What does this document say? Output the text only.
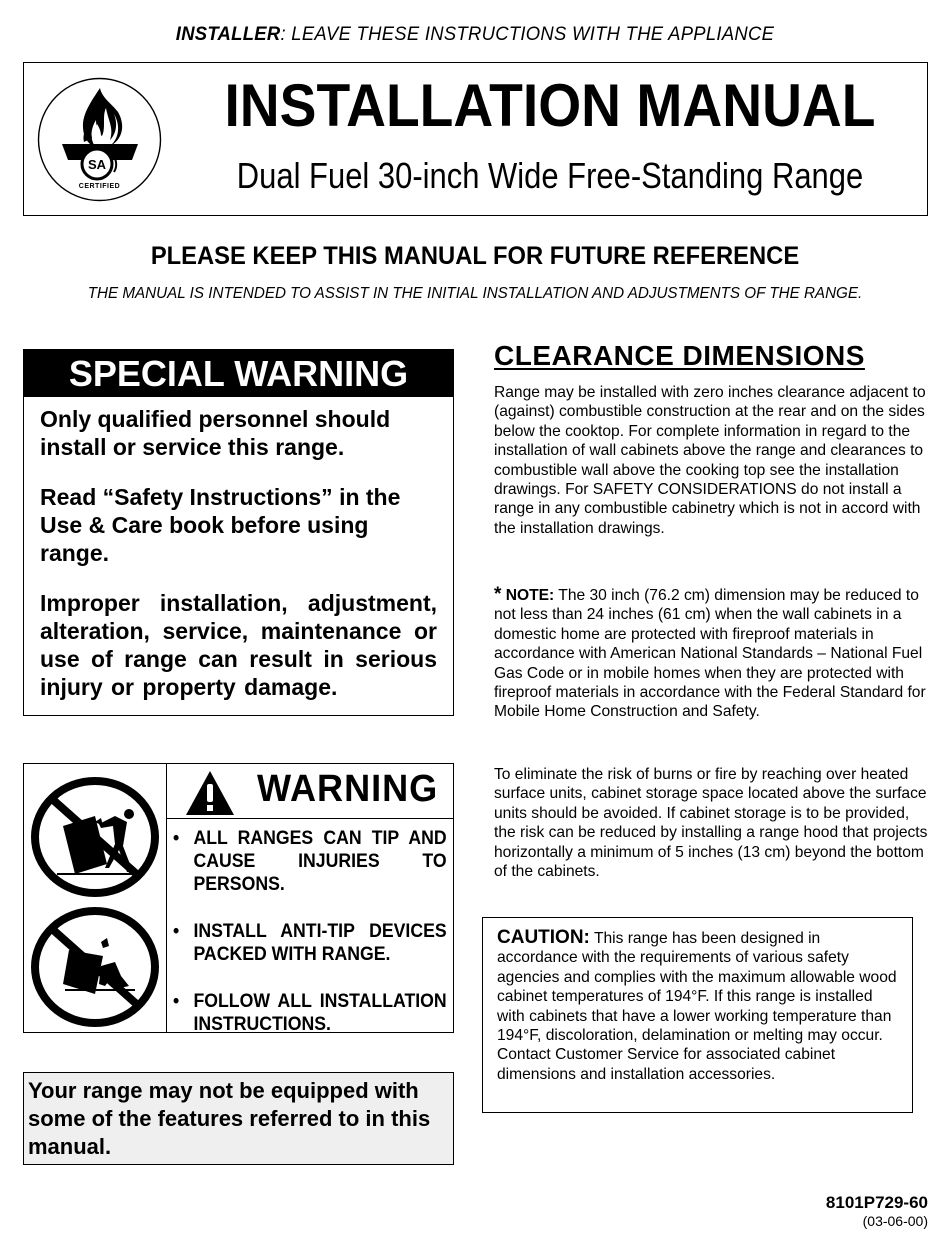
INSTALLER: LEAVE THESE INSTRUCTIONS WITH THE APPLIANCE
SA
CERTIFIED
INSTALLATION MANUAL
Dual Fuel 30-inch Wide Free-Standing Range
PLEASE KEEP THIS MANUAL FOR FUTURE REFERENCE
THE MANUAL IS INTENDED TO ASSIST IN THE INITIAL INSTALLATION AND ADJUSTMENTS OF THE RANGE.
SPECIAL WARNING

Only qualified personnel should install or service this range.

Read “Safety Instructions” in the Use & Care book before using range.

Improper installation, adjustment, alteration, service, maintenance or use of range can result in serious injury or property damage.

WARNING
• ALL RANGES CAN TIP AND CAUSE INJURIES TO PERSONS.
• INSTALL ANTI-TIP DEVICES PACKED WITH RANGE.
• FOLLOW ALL INSTALLATION INSTRUCTIONS.

Your range may not be equipped with some of the features referred to in this manual.

CLEARANCE DIMENSIONS
Range may be installed with zero inches clearance adjacent to (against) combustible construction at the rear and on the sides below the cooktop. For complete information in regard to the installation of wall cabinets above the range and clearances to combustible wall above the cooking top see the installation drawings. For SAFETY CONSIDERATIONS do not install a range in any combustible cabinetry which is not in accord with the installation drawings.
* NOTE: The 30 inch (76.2 cm) dimension may be reduced to not less than 24 inches (61 cm) when the wall cabinets in a domestic home are protected with fireproof materials in accordance with American National Standards – National Fuel Gas Code or in mobile homes when they are protected with fireproof materials in accordance with the Federal Standard for Mobile Home Construction and Safety.
To eliminate the risk of burns or fire by reaching over heated surface units, cabinet storage space located above the surface units should be avoided. If cabinet storage is to be provided, the risk can be reduced by installing a range hood that projects horizontally a minimum of 5 inches (13 cm) beyond the bottom of the cabinets.

CAUTION: This range has been designed in accordance with the requirements of various safety agencies and complies with the maximum allowable wood cabinet temperatures of 194°F. If this range is installed with cabinets that have a lower working temperature than 194°F, discoloration, delamination or melting may occur. Contact Customer Service for associated cabinet dimensions and installation accessories.

8101P729-60
(03-06-00)
